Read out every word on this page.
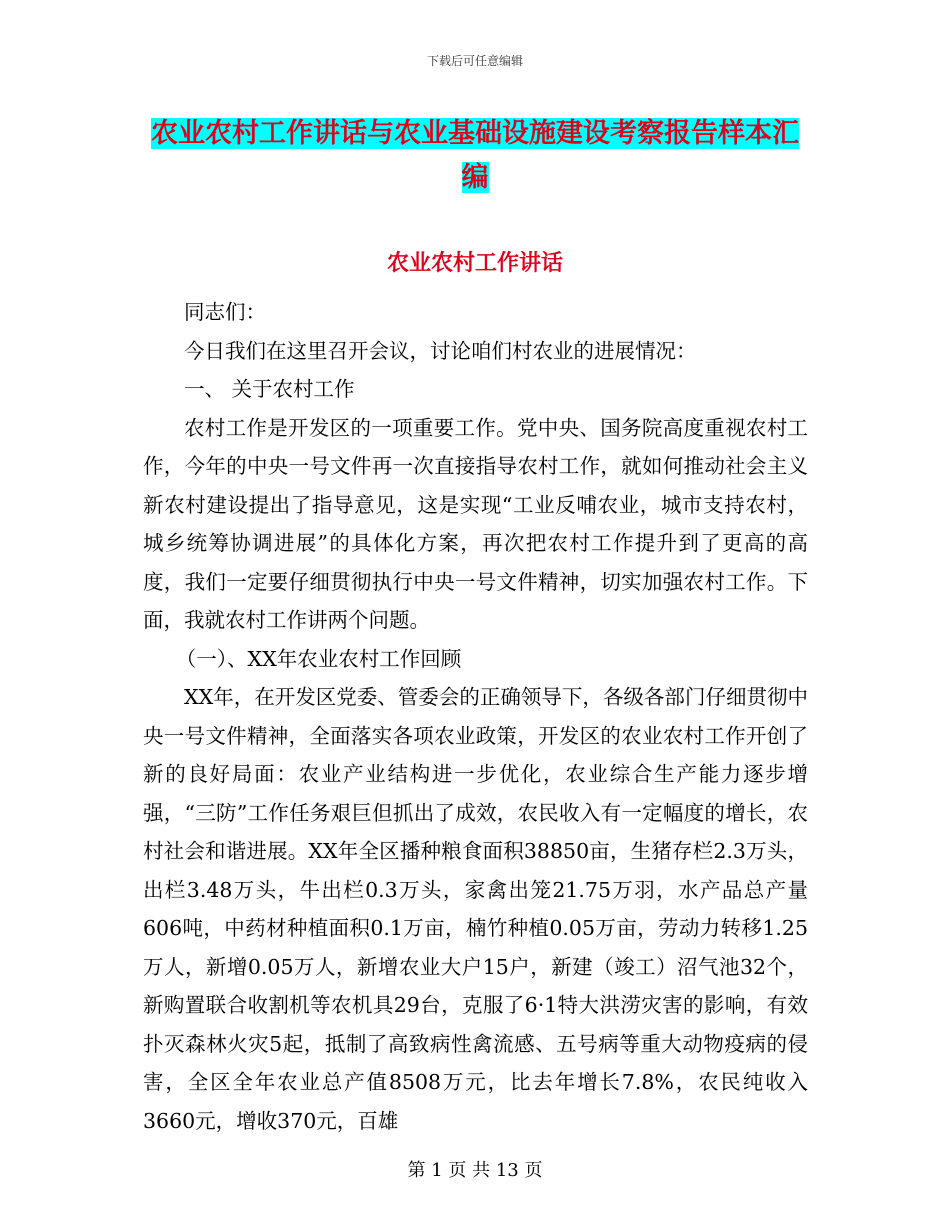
下载后可任意编辑
农业农村工作讲话与农业基础设施建设考察报告样本汇编
农业农村工作讲话

同志们：

今日我们在这里召开会议，讨论咱们村农业的进展情况：

一、 关于农村工作

农村工作是开发区的一项重要工作。党中央、国务院高度重视农村工作，今年的中央一号文件再一次直接指导农村工作，就如何推动社会主义新农村建设提出了指导意见，这是实现“工业反哺农业，城市支持农村，城乡统筹协调进展”的具体化方案，再次把农村工作提升到了更高的高度，我们一定要仔细贯彻执行中央一号文件精神，切实加强农村工作。下面，我就农村工作讲两个问题。

（一）、XX年农业农村工作回顾

XX年，在开发区党委、管委会的正确领导下，各级各部门仔细贯彻中央一号文件精神，全面落实各项农业政策，开发区的农业农村工作开创了新的良好局面：农业产业结构进一步优化，农业综合生产能力逐步增强，“三防”工作任务艰巨但抓出了成效，农民收入有一定幅度的增长，农村社会和谐进展。XX年全区播种粮食面积38850亩，生猪存栏2.3万头，出栏3.48万头，牛出栏0.3万头，家禽出笼21.75万羽，水产品总产量606吨，中药材种植面积0.1万亩，楠竹种植0.05万亩，劳动力转移1.25万人，新增0.05万人，新增农业大户15户，新建（竣工）沼气池32个，新购置联合收割机等农机具29台，克服了6·1特大洪涝灾害的影响，有效扑灭森林火灾5起，抵制了高致病性禽流感、五号病等重大动物疫病的侵害，全区全年农业总产值8508万元，比去年增长7.8%，农民纯收入3660元，增收370元，百雄

第 1 页 共 13 页
